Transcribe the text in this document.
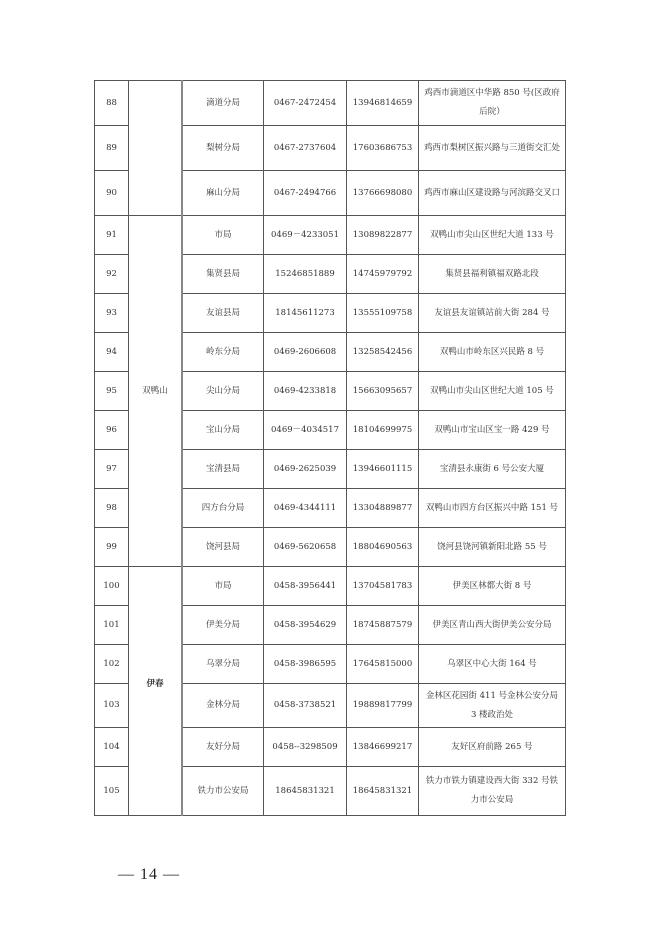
88		滴道分局	0467-2472454	13946814659	鸡西市滴道区中华路 850 号(区政府后院）
89		梨树分局	0467-2737604	17603686753	鸡西市梨树区振兴路与三道街交汇处
90		麻山分局	0467-2494766	13766698080	鸡西市麻山区建设路与河滨路交叉口
91	双鸭山	市局	0469－4233051	13089822877	双鸭山市尖山区世纪大道 133 号
92		集贤县局	15246851889	14745979792	集贤县福利镇福双路北段
93		友谊县局	18145611273	13555109758	友谊县友谊镇站前大街 284 号
94		岭东分局	0469-2606608	13258542456	双鸭山市岭东区兴民路 8 号
95		尖山分局	0469-4233818	15663095657	双鸭山市尖山区世纪大道 105 号
96		宝山分局	0469－4034517	18104699975	双鸭山市宝山区宝一路 429 号
97		宝清县局	0469-2625039	13946601115	宝清县永康街 6 号公安大厦
98		四方台分局	0469-4344111	13304889877	双鸭山市四方台区振兴中路 151 号
99		饶河县局	0469-5620658	18804690563	饶河县饶河镇新阳北路 55 号
100	伊春	市局	0458-3956441	13704581783	伊美区林都大街 8 号
101		伊美分局	0458-3954629	18745887579	伊美区青山西大街伊美公安分局
102		乌翠分局	0458-3986595	17645815000	乌翠区中心大街 164 号
103		金林分局	0458-3738521	19889817799	金林区花园街 411 号金林公安分局 3 楼政治处
104		友好分局	0458--3298509	13846699217	友好区府前路 265 号
105		铁力市公安局	18645831321	18645831321	铁力市铁力镇建设西大街 332 号铁力市公安局
— 14 —
